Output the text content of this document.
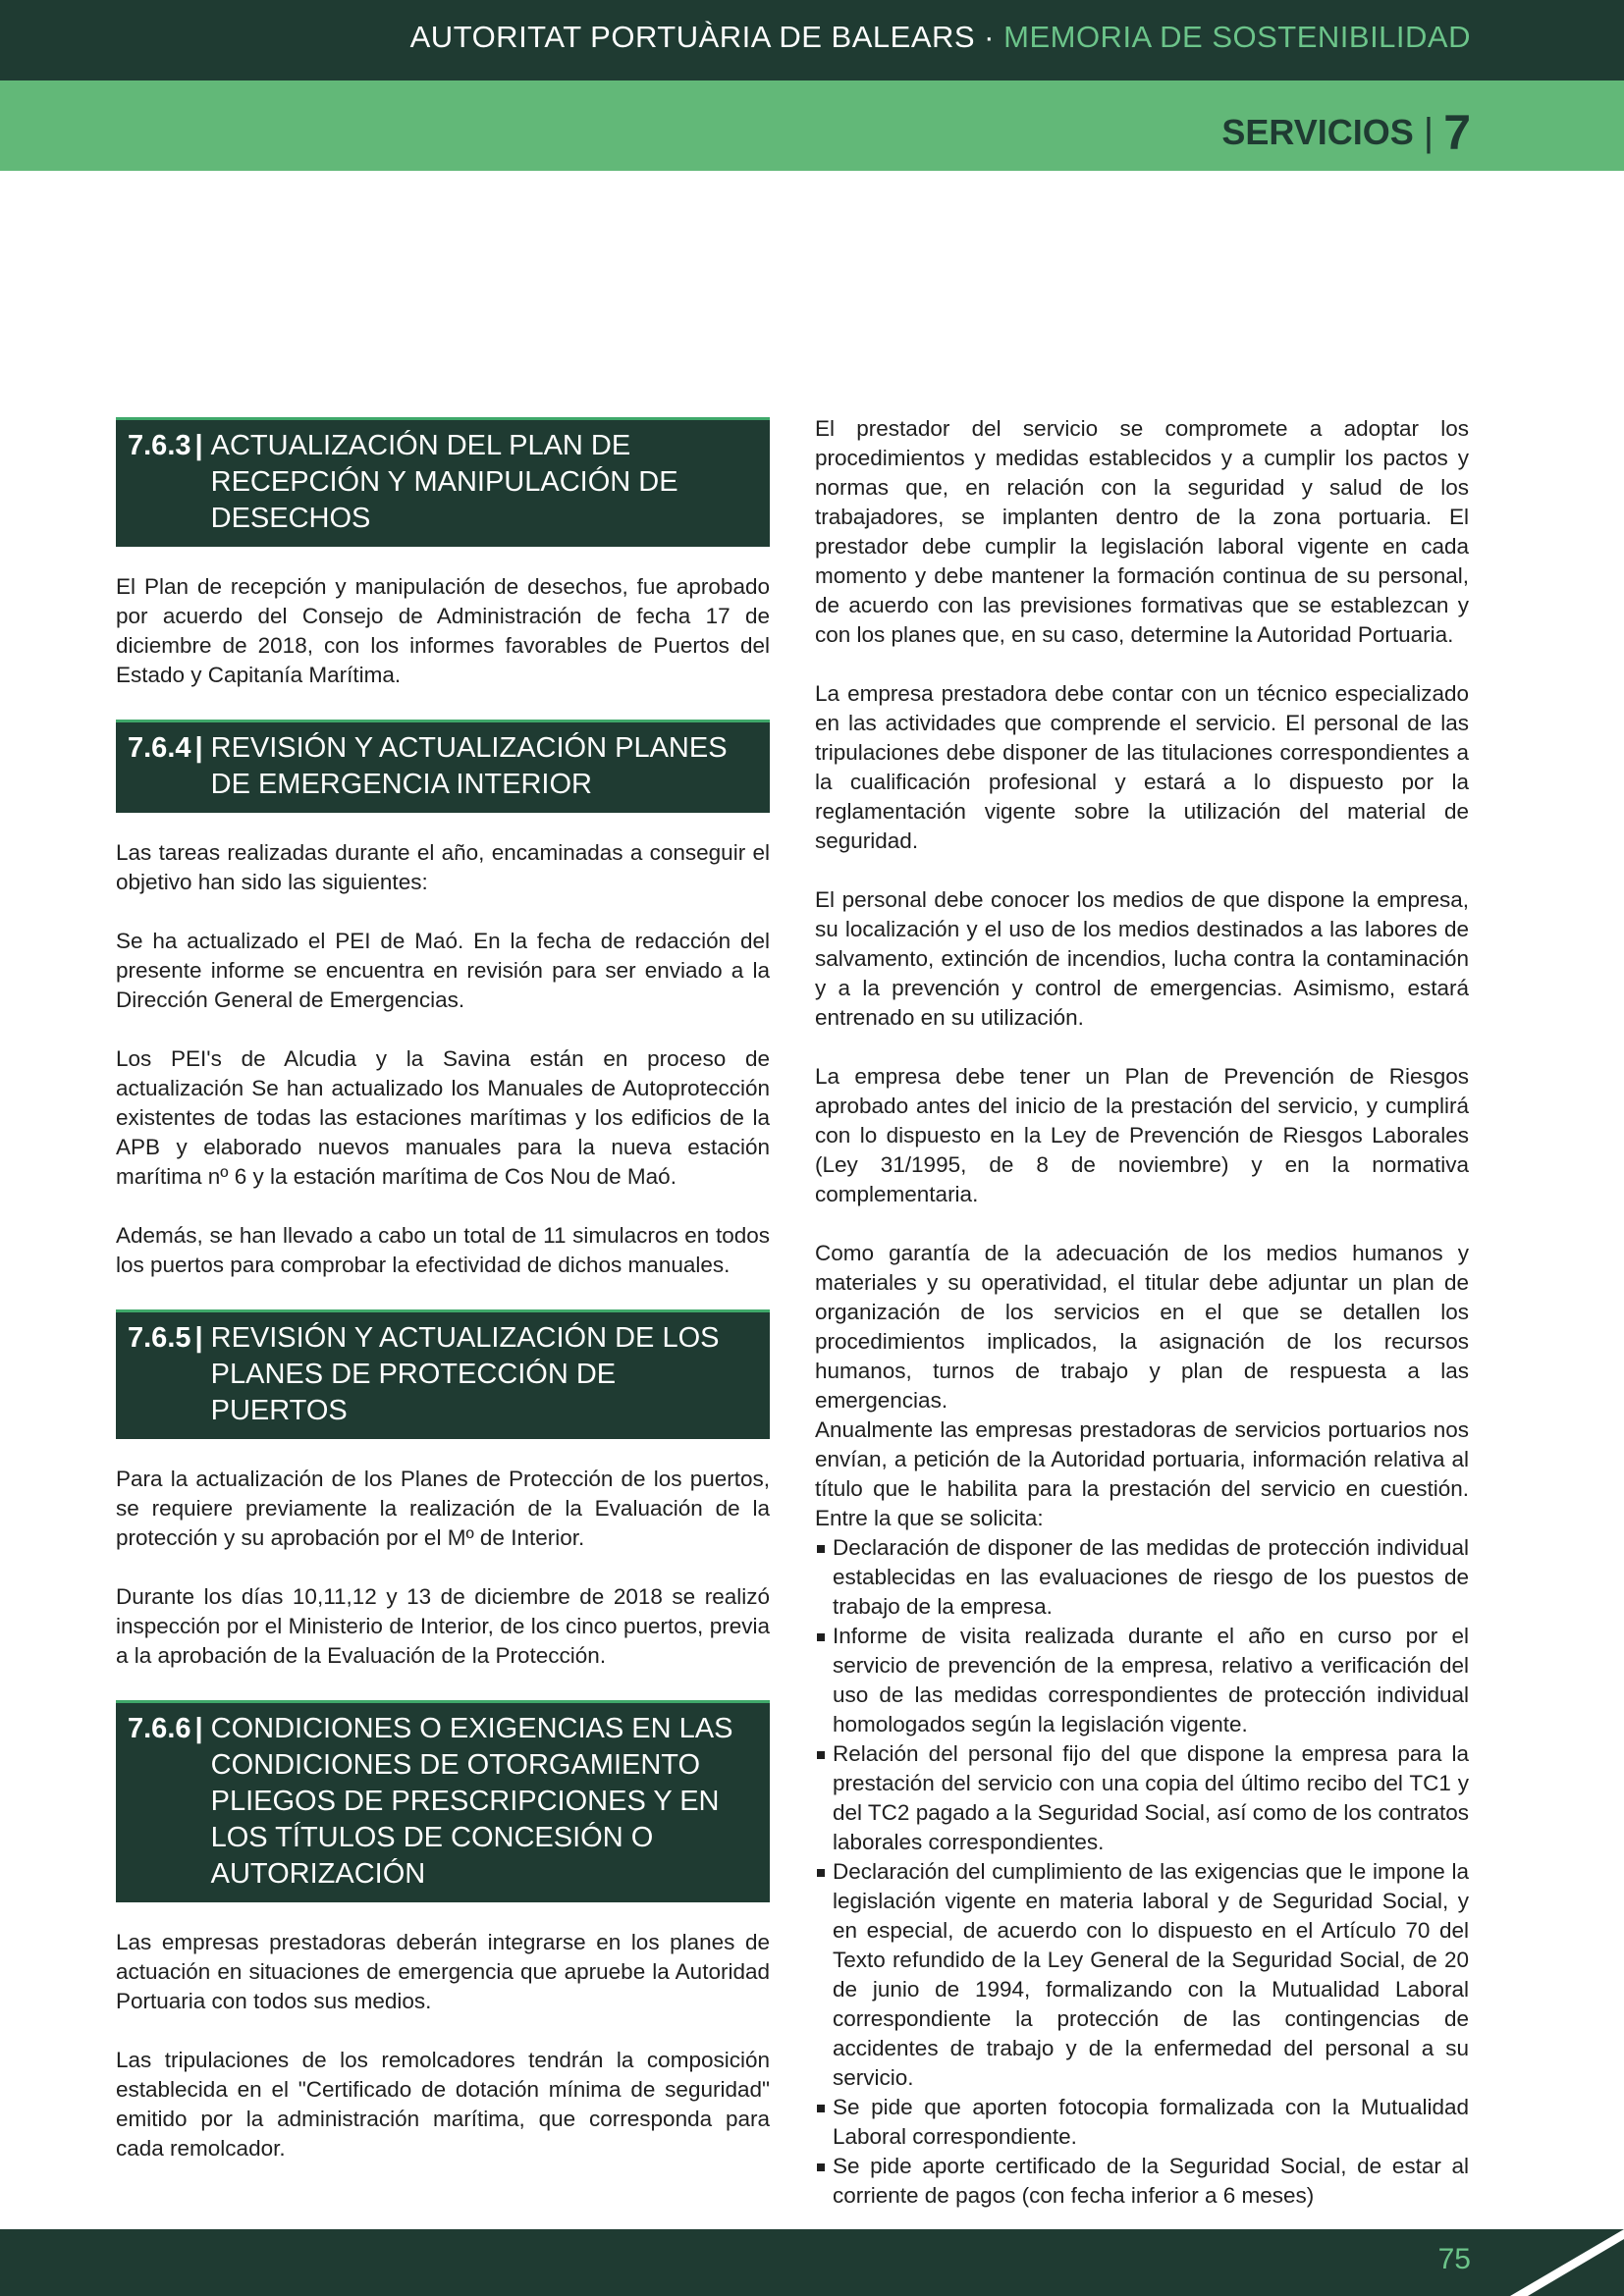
AUTORITAT PORTUÀRIA DE BALEARS · MEMORIA DE SOSTENIBILIDAD
SERVICIOS | 7
7.6.3 | ACTUALIZACIÓN DEL PLAN DE RECEPCIÓN Y MANIPULACIÓN DE DESECHOS

El Plan de recepción y manipulación de desechos, fue aprobado por acuerdo del Consejo de Administración de fecha 17 de diciembre de 2018, con los informes favorables de Puertos del Estado y Capitanía Marítima.

7.6.4 | REVISIÓN Y ACTUALIZACIÓN PLANES DE EMERGENCIA INTERIOR

Las tareas realizadas durante el año, encaminadas a conseguir el objetivo han sido las siguientes:

Se ha actualizado el PEI de Maó. En la fecha de redacción del presente informe se encuentra en revisión para ser enviado a la Dirección General de Emergencias.

Los PEI's de Alcudia y la Savina están en proceso de actualización Se han actualizado los Manuales de Autoprotección existentes de todas las estaciones marítimas y los edificios de la APB y elaborado nuevos manuales para la nueva estación marítima nº 6 y la estación marítima de Cos Nou de Maó.

Además, se han llevado a cabo un total de 11 simulacros en todos los puertos para comprobar la efectividad de dichos manuales.

7.6.5 | REVISIÓN Y ACTUALIZACIÓN DE LOS PLANES DE PROTECCIÓN DE PUERTOS

Para la actualización de los Planes de Protección de los puertos, se requiere previamente la realización de la Evaluación de la protección y su aprobación por el Mº de Interior.

Durante los días 10,11,12 y 13 de diciembre de 2018 se realizó inspección por el Ministerio de Interior, de los cinco puertos, previa a la aprobación de la Evaluación de la Protección.

7.6.6 | CONDICIONES O EXIGENCIAS EN LAS CONDICIONES DE OTORGAMIENTO PLIEGOS DE PRESCRIPCIONES Y EN LOS TÍTULOS DE CONCESIÓN O AUTORIZACIÓN

Las empresas prestadoras deberán integrarse en los planes de actuación en situaciones de emergencia que apruebe la Autoridad Portuaria con todos sus medios.

Las tripulaciones de los remolcadores tendrán la composición establecida en el "Certificado de dotación mínima de seguridad" emitido por la administración marítima, que corresponda para cada remolcador.

El prestador del servicio se compromete a adoptar los procedimientos y medidas establecidos y a cumplir los pactos y normas que, en relación con la seguridad y salud de los trabajadores, se implanten dentro de la zona portuaria. El prestador debe cumplir la legislación laboral vigente en cada momento y debe mantener la formación continua de su personal, de acuerdo con las previsiones formativas que se establezcan y con los planes que, en su caso, determine la Autoridad Portuaria.

La empresa prestadora debe contar con un técnico especializado en las actividades que comprende el servicio. El personal de las tripulaciones debe disponer de las titulaciones correspondientes a la cualificación profesional y estará a lo dispuesto por la reglamentación vigente sobre la utilización del material de seguridad.

El personal debe conocer los medios de que dispone la empresa, su localización y el uso de los medios destinados a las labores de salvamento, extinción de incendios, lucha contra la contaminación y a la prevención y control de emergencias. Asimismo, estará entrenado en su utilización.

La empresa debe tener un Plan de Prevención de Riesgos aprobado antes del inicio de la prestación del servicio, y cumplirá con lo dispuesto en la Ley de Prevención de Riesgos Laborales (Ley 31/1995, de 8 de noviembre) y en la normativa complementaria.

Como garantía de la adecuación de los medios humanos y materiales y su operatividad, el titular debe adjuntar un plan de organización de los servicios en el que se detallen los procedimientos implicados, la asignación de los recursos humanos, turnos de trabajo y plan de respuesta a las emergencias.

Anualmente las empresas prestadoras de servicios portuarios nos envían, a petición de la Autoridad portuaria, información relativa al título que le habilita para la prestación del servicio en cuestión. Entre la que se solicita:

Declaración de disponer de las medidas de protección individual establecidas en las evaluaciones de riesgo de los puestos de trabajo de la empresa.
Informe de visita realizada durante el año en curso por el servicio de prevención de la empresa, relativo a verificación del uso de las medidas correspondientes de protección individual homologados según la legislación vigente.
Relación del personal fijo del que dispone la empresa para la prestación del servicio con una copia del último recibo del TC1 y del TC2 pagado a la Seguridad Social, así como de los contratos laborales correspondientes.
Declaración del cumplimiento de las exigencias que le impone la legislación vigente en materia laboral y de Seguridad Social, y en especial, de acuerdo con lo dispuesto en el Artículo 70 del Texto refundido de la Ley General de la Seguridad Social, de 20 de junio de 1994, formalizando con la Mutualidad Laboral correspondiente la protección de las contingencias de accidentes de trabajo y de la enfermedad del personal a su servicio.
Se pide que aporten fotocopia formalizada con la Mutualidad Laboral correspondiente.
Se pide aporte certificado de la Seguridad Social, de estar al corriente de pagos (con fecha inferior a 6 meses)
75
